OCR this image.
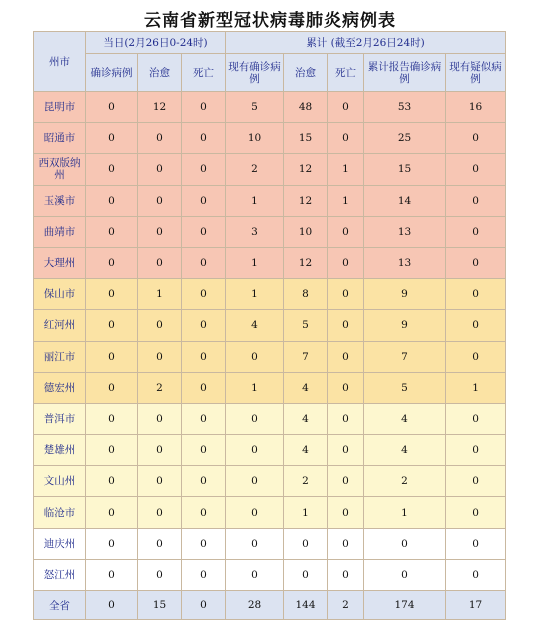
云南省新型冠状病毒肺炎病例表
州市	当日(2月26日0-24时)			累计 (截至2月26日24时)				
	确诊病例	治愈	死亡	现有确诊病例	治愈	死亡	累计报告确诊病例	现有疑似病例
昆明市	0	12	0	5	48	0	53	16
昭通市	0	0	0	10	15	0	25	0
西双版纳州	0	0	0	2	12	1	15	0
玉溪市	0	0	0	1	12	1	14	0
曲靖市	0	0	0	3	10	0	13	0
大理州	0	0	0	1	12	0	13	0
保山市	0	1	0	1	8	0	9	0
红河州	0	0	0	4	5	0	9	0
丽江市	0	0	0	0	7	0	7	0
德宏州	0	2	0	1	4	0	5	1
普洱市	0	0	0	0	4	0	4	0
楚雄州	0	0	0	0	4	0	4	0
文山州	0	0	0	0	2	0	2	0
临沧市	0	0	0	0	1	0	1	0
迪庆州	0	0	0	0	0	0	0	0
怒江州	0	0	0	0	0	0	0	0
全省	0	15	0	28	144	2	174	17
